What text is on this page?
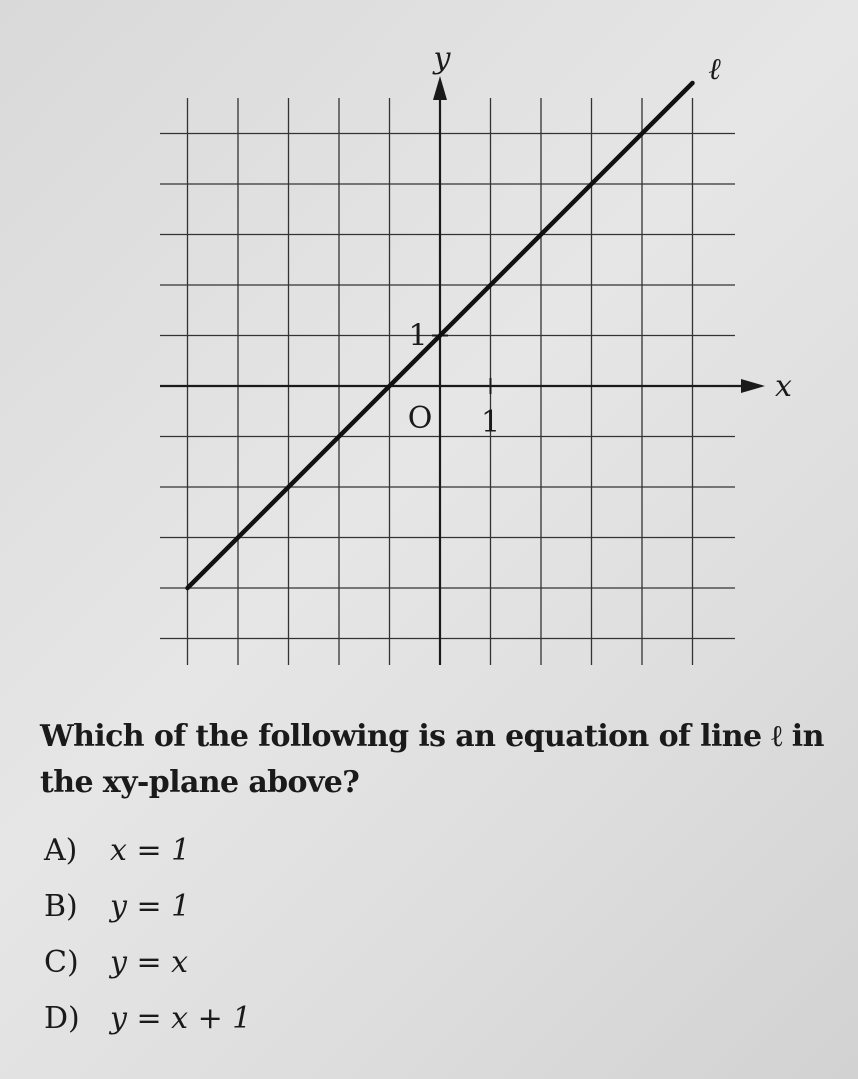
y
x
O 1
1
ℓ
Which of the following is an equation of line ℓ in the xy-plane above?
A)	x = 1
B)	y = 1
C)	y = x
D)	y = x + 1
